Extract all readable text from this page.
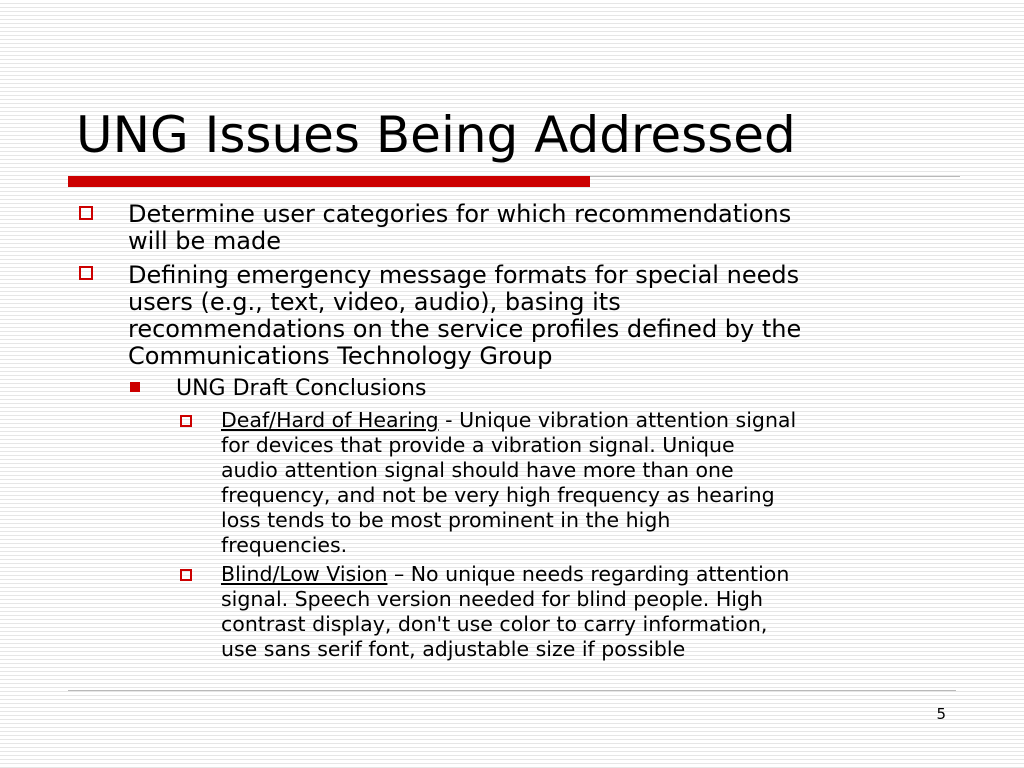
UNG Issues Being Addressed
Determine user categories for which recommendations
will be made
Defining emergency message formats for special needs
users (e.g., text, video, audio), basing its
recommendations on the service profiles defined by the
Communications Technology Group
UNG Draft Conclusions
Deaf/Hard of Hearing - Unique vibration attention signal
for devices that provide a vibration signal. Unique
audio attention signal should have more than one
frequency, and not be very high frequency as hearing
loss tends to be most prominent in the high
frequencies.
Blind/Low Vision – No unique needs regarding attention
signal. Speech version needed for blind people. High
contrast display, don't use color to carry information,
use sans serif font, adjustable size if possible
5
